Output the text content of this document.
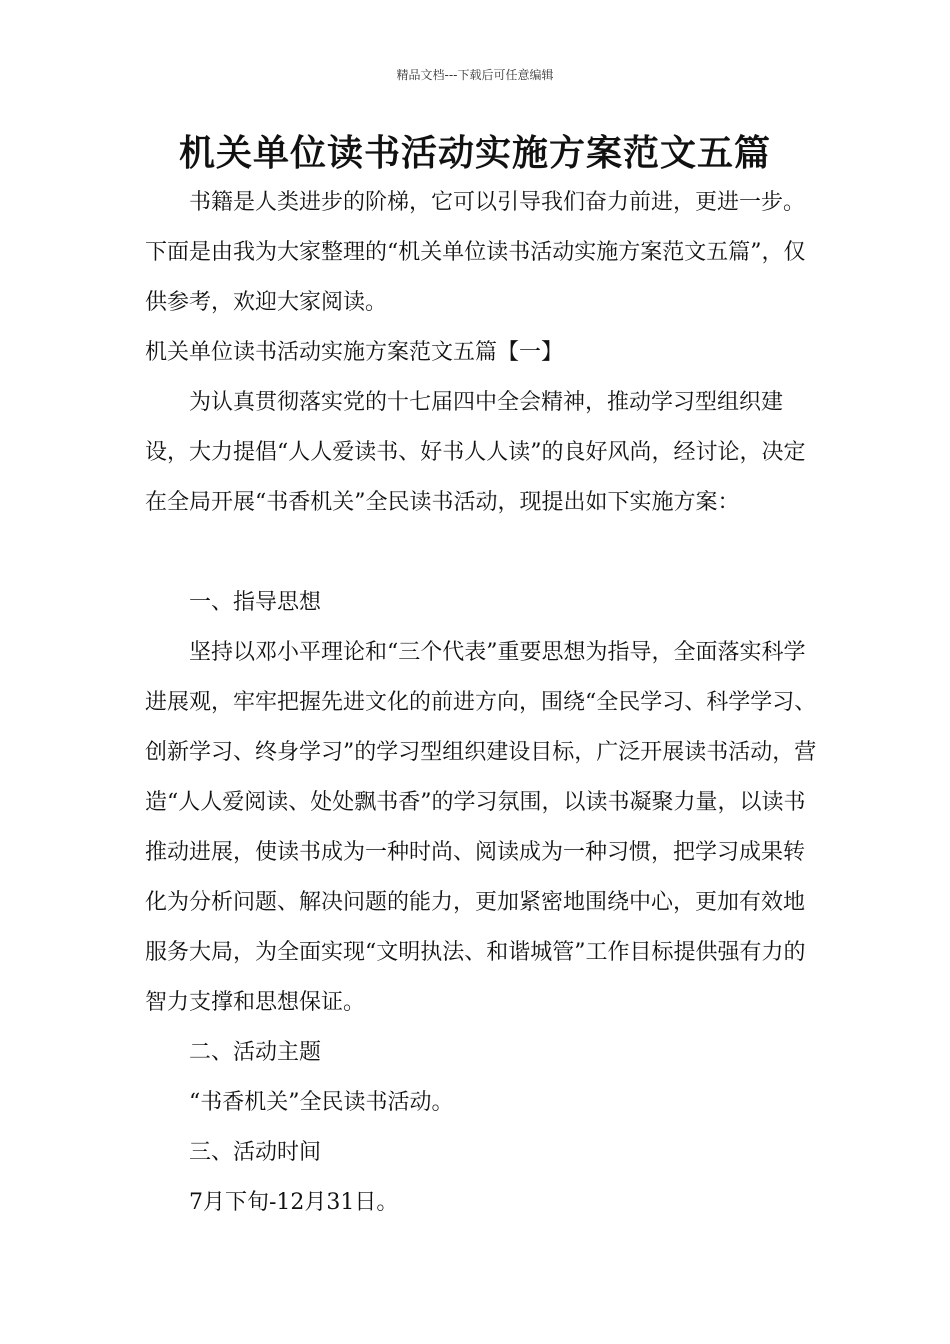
精品文档---下载后可任意编辑
机关单位读书活动实施方案范文五篇

书籍是人类进步的阶梯，它可以引导我们奋力前进，更进一步。下面是由我为大家整理的“机关单位读书活动实施方案范文五篇”，仅供参考，欢迎大家阅读。

机关单位读书活动实施方案范文五篇【一】

为认真贯彻落实党的十七届四中全会精神，推动学习型组织建设，大力提倡“人人爱读书、好书人人读”的良好风尚，经讨论，决定在全局开展“书香机关”全民读书活动，现提出如下实施方案：

一、指导思想

坚持以邓小平理论和“三个代表”重要思想为指导，全面落实科学进展观，牢牢把握先进文化的前进方向，围绕“全民学习、科学学习、创新学习、终身学习”的学习型组织建设目标，广泛开展读书活动，营造“人人爱阅读、处处飘书香”的学习氛围，以读书凝聚力量，以读书推动进展，使读书成为一种时尚、阅读成为一种习惯，把学习成果转化为分析问题、解决问题的能力，更加紧密地围绕中心，更加有效地服务大局，为全面实现“文明执法、和谐城管”工作目标提供强有力的智力支撑和思想保证。

二、活动主题

“书香机关”全民读书活动。

三、活动时间

7月下旬-12月31日。
